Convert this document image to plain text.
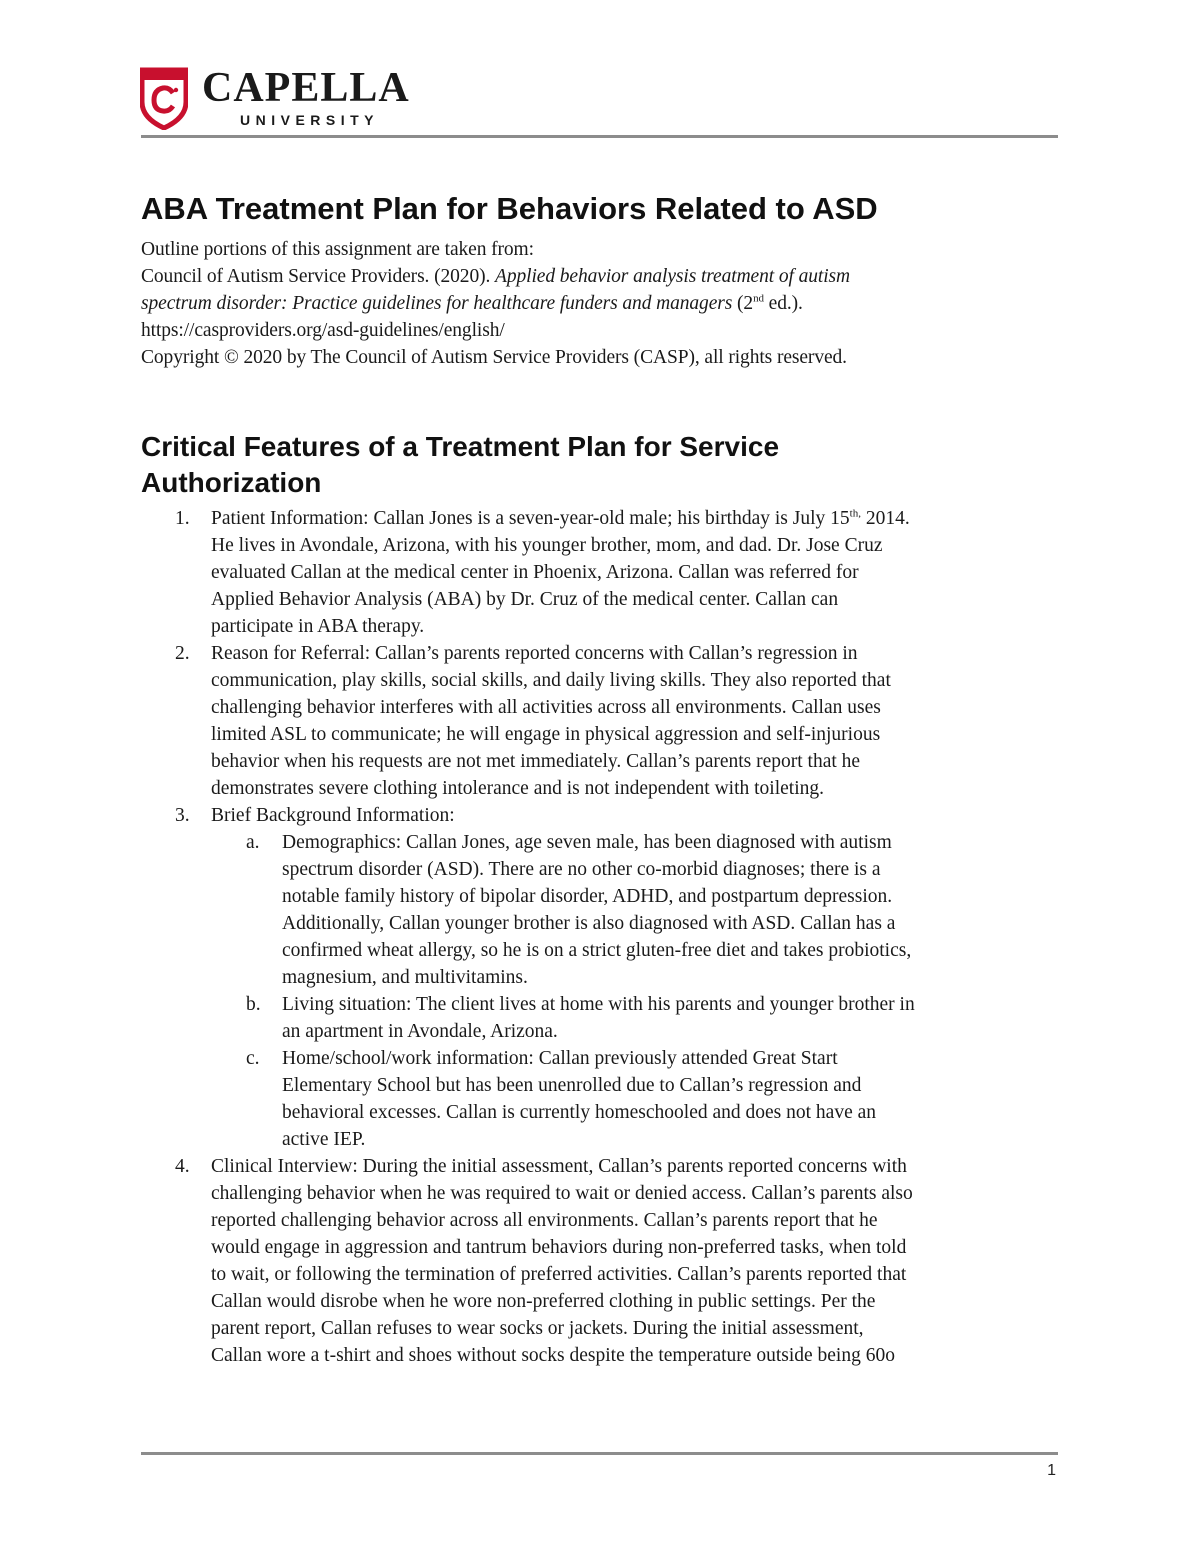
CAPELLA
UNIVERSITY
ABA Treatment Plan for Behaviors Related to ASD
Outline portions of this assignment are taken from:
Council of Autism Service Providers. (2020). Applied behavior analysis treatment of autism
spectrum disorder: Practice guidelines for healthcare funders and managers (2nd ed.).
https://casproviders.org/asd-guidelines/english/
Copyright © 2020 by The Council of Autism Service Providers (CASP), all rights reserved.
Critical Features of a Treatment Plan for Service
Authorization
1. Patient Information: Callan Jones is a seven-year-old male; his birthday is July $15^{th,}$ 2014.
He lives in Avondale, Arizona, with his younger brother, mom, and dad. Dr. Jose Cruz
evaluated Callan at the medical center in Phoenix, Arizona. Callan was referred for
Applied Behavior Analysis (ABA) by Dr. Cruz of the medical center. Callan can
participate in ABA therapy.
2. Reason for Referral: Callan’s parents reported concerns with Callan’s regression in
communication, play skills, social skills, and daily living skills. They also reported that
challenging behavior interferes with all activities across all environments. Callan uses
limited ASL to communicate; he will engage in physical aggression and self-injurious
behavior when his requests are not met immediately. Callan’s parents report that he
demonstrates severe clothing intolerance and is not independent with toileting.
3. Brief Background Information:
a. Demographics: Callan Jones, age seven male, has been diagnosed with autism
spectrum disorder (ASD). There are no other co-morbid diagnoses; there is a
notable family history of bipolar disorder, ADHD, and postpartum depression.
Additionally, Callan younger brother is also diagnosed with ASD. Callan has a
confirmed wheat allergy, so he is on a strict gluten-free diet and takes probiotics,
magnesium, and multivitamins.
b. Living situation: The client lives at home with his parents and younger brother in
an apartment in Avondale, Arizona.
c. Home/school/work information: Callan previously attended Great Start
Elementary School but has been unenrolled due to Callan’s regression and
behavioral excesses. Callan is currently homeschooled and does not have an
active IEP.
4. Clinical Interview: During the initial assessment, Callan’s parents reported concerns with
challenging behavior when he was required to wait or denied access. Callan’s parents also
reported challenging behavior across all environments. Callan’s parents report that he
would engage in aggression and tantrum behaviors during non-preferred tasks, when told
to wait, or following the termination of preferred activities. Callan’s parents reported that
Callan would disrobe when he wore non-preferred clothing in public settings. Per the
parent report, Callan refuses to wear socks or jackets. During the initial assessment,
Callan wore a t-shirt and shoes without socks despite the temperature outside being 60o
1
